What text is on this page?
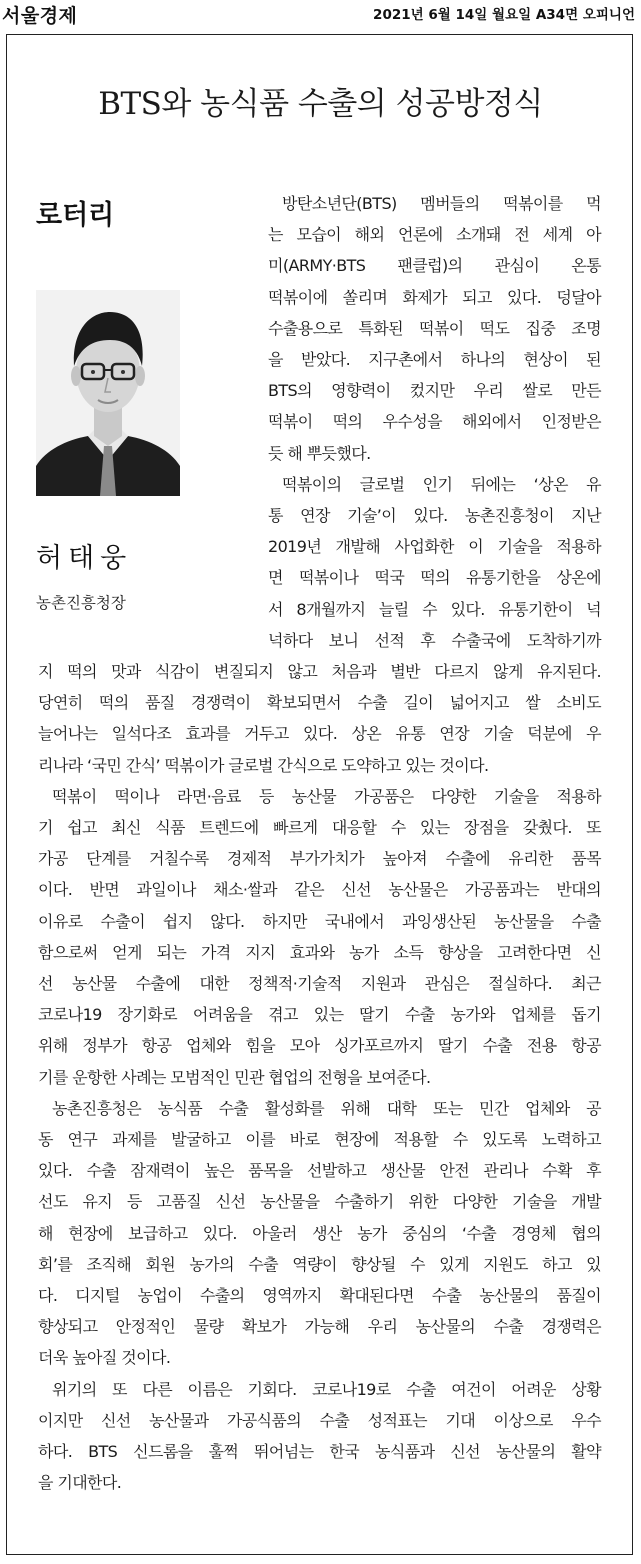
서울경제	2021년 6월 14일 월요일 A34면 오피니언
BTS와 농식품 수출의 성공방정식
로터리
허태웅
농촌진흥청장
방탄소년단(BTS) 멤버들의 떡볶이를 먹
는 모습이 해외 언론에 소개돼 전 세계 아
미(ARMY·BTS 팬클럽)의 관심이 온통
떡볶이에 쏠리며 화제가 되고 있다. 덩달아
수출용으로 특화된 떡볶이 떡도 집중 조명
을 받았다. 지구촌에서 하나의 현상이 된
BTS의 영향력이 컸지만 우리 쌀로 만든
떡볶이 떡의 우수성을 해외에서 인정받은
듯 해 뿌듯했다.
떡볶이의 글로벌 인기 뒤에는 ‘상온 유
통 연장 기술’이 있다. 농촌진흥청이 지난
2019년 개발해 사업화한 이 기술을 적용하
면 떡볶이나 떡국 떡의 유통기한을 상온에
서 8개월까지 늘릴 수 있다. 유통기한이 넉
넉하다 보니 선적 후 수출국에 도착하기까
지 떡의 맛과 식감이 변질되지 않고 처음과 별반 다르지 않게 유지된다.
당연히 떡의 품질 경쟁력이 확보되면서 수출 길이 넓어지고 쌀 소비도
늘어나는 일석다조 효과를 거두고 있다. 상온 유통 연장 기술 덕분에 우
리나라 ‘국민 간식’ 떡볶이가 글로벌 간식으로 도약하고 있는 것이다.
떡볶이 떡이나 라면·음료 등 농산물 가공품은 다양한 기술을 적용하
기 쉽고 최신 식품 트렌드에 빠르게 대응할 수 있는 장점을 갖췄다. 또
가공 단계를 거칠수록 경제적 부가가치가 높아져 수출에 유리한 품목
이다. 반면 과일이나 채소·쌀과 같은 신선 농산물은 가공품과는 반대의
이유로 수출이 쉽지 않다. 하지만 국내에서 과잉생산된 농산물을 수출
함으로써 얻게 되는 가격 지지 효과와 농가 소득 향상을 고려한다면 신
선 농산물 수출에 대한 정책적·기술적 지원과 관심은 절실하다. 최근
코로나19 장기화로 어려움을 겪고 있는 딸기 수출 농가와 업체를 돕기
위해 정부가 항공 업체와 힘을 모아 싱가포르까지 딸기 수출 전용 항공
기를 운항한 사례는 모범적인 민관 협업의 전형을 보여준다.
농촌진흥청은 농식품 수출 활성화를 위해 대학 또는 민간 업체와 공
동 연구 과제를 발굴하고 이를 바로 현장에 적용할 수 있도록 노력하고
있다. 수출 잠재력이 높은 품목을 선발하고 생산물 안전 관리나 수확 후
선도 유지 등 고품질 신선 농산물을 수출하기 위한 다양한 기술을 개발
해 현장에 보급하고 있다. 아울러 생산 농가 중심의 ‘수출 경영체 협의
회’를 조직해 회원 농가의 수출 역량이 향상될 수 있게 지원도 하고 있
다. 디지털 농업이 수출의 영역까지 확대된다면 수출 농산물의 품질이
향상되고 안정적인 물량 확보가 가능해 우리 농산물의 수출 경쟁력은
더욱 높아질 것이다.
위기의 또 다른 이름은 기회다. 코로나19로 수출 여건이 어려운 상황
이지만 신선 농산물과 가공식품의 수출 성적표는 기대 이상으로 우수
하다. BTS 신드롬을 훌쩍 뛰어넘는 한국 농식품과 신선 농산물의 활약
을 기대한다.
